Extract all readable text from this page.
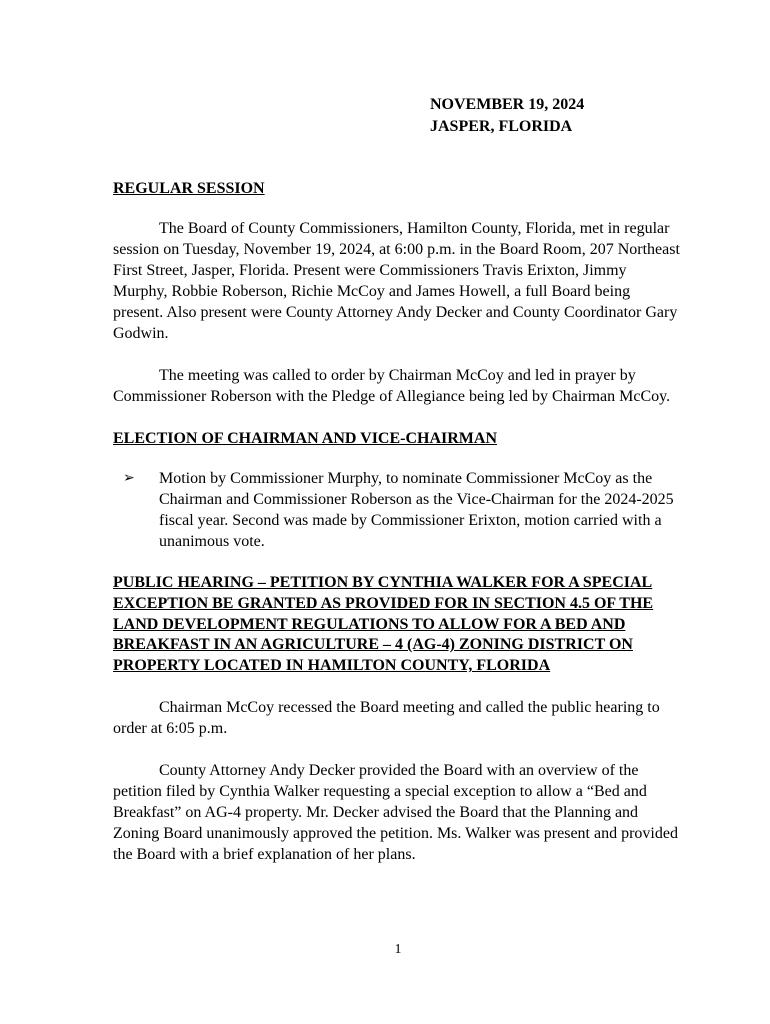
NOVEMBER 19, 2024
JASPER, FLORIDA
REGULAR SESSION

The Board of County Commissioners, Hamilton County, Florida, met in regular session on Tuesday, November 19, 2024, at 6:00 p.m. in the Board Room, 207 Northeast First Street, Jasper, Florida. Present were Commissioners Travis Erixton, Jimmy Murphy, Robbie Roberson, Richie McCoy and James Howell, a full Board being present. Also present were County Attorney Andy Decker and County Coordinator Gary Godwin.

The meeting was called to order by Chairman McCoy and led in prayer by Commissioner Roberson with the Pledge of Allegiance being led by Chairman McCoy.

ELECTION OF CHAIRMAN AND VICE-CHAIRMAN
➢ Motion by Commissioner Murphy, to nominate Commissioner McCoy as the Chairman and Commissioner Roberson as the Vice-Chairman for the 2024-2025 fiscal year. Second was made by Commissioner Erixton, motion carried with a unanimous vote.
PUBLIC HEARING – PETITION BY CYNTHIA WALKER FOR A SPECIAL EXCEPTION BE GRANTED AS PROVIDED FOR IN SECTION 4.5 OF THE LAND DEVELOPMENT REGULATIONS TO ALLOW FOR A BED AND BREAKFAST IN AN AGRICULTURE – 4 (AG-4) ZONING DISTRICT ON PROPERTY LOCATED IN HAMILTON COUNTY, FLORIDA

Chairman McCoy recessed the Board meeting and called the public hearing to order at 6:05 p.m.

County Attorney Andy Decker provided the Board with an overview of the petition filed by Cynthia Walker requesting a special exception to allow a “Bed and Breakfast” on AG-4 property. Mr. Decker advised the Board that the Planning and Zoning Board unanimously approved the petition. Ms. Walker was present and provided the Board with a brief explanation of her plans.

1
